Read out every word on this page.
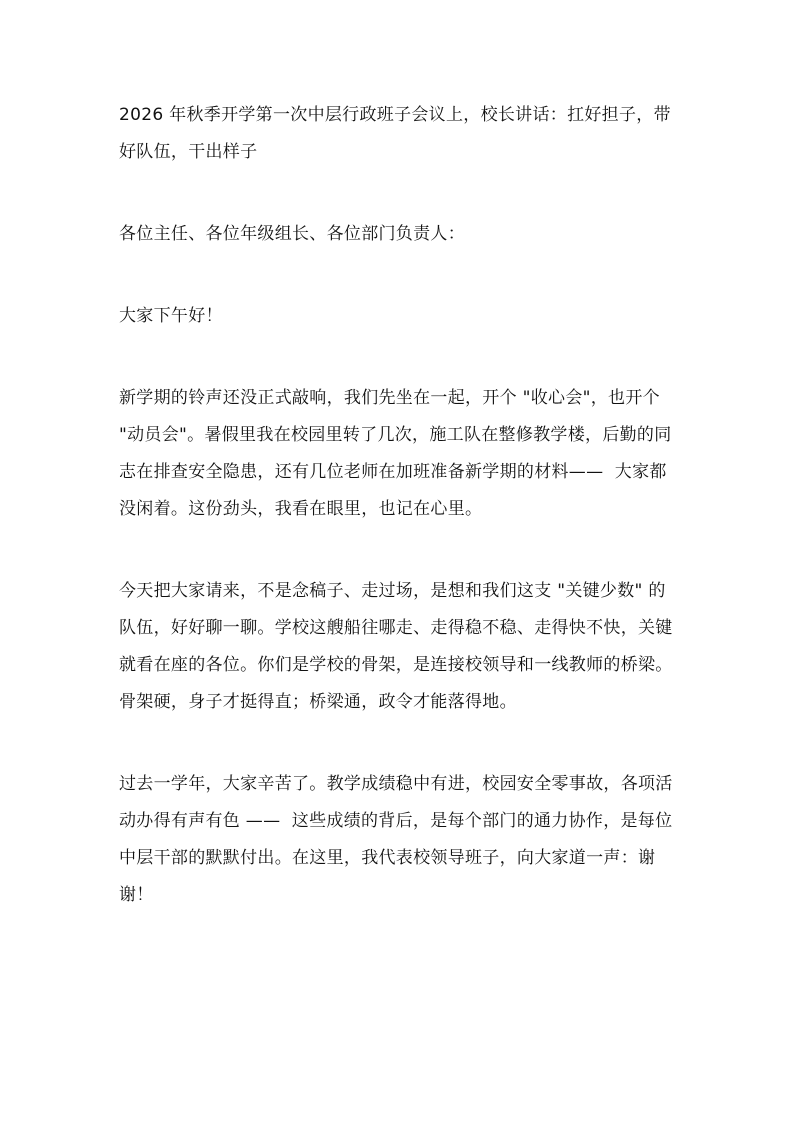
2026 年秋季开学第一次中层行政班子会议上，校长讲话：扛好担子，带好队伍，干出样子

各位主任、各位年级组长、各位部门负责人：

大家下午好！

新学期的铃声还没正式敲响，我们先坐在一起，开个 "收心会"，也开个 "动员会"。暑假里我在校园里转了几次，施工队在整修教学楼，后勤的同志在排查安全隐患，还有几位老师在加班准备新学期的材料——  大家都没闲着。这份劲头，我看在眼里，也记在心里。

今天把大家请来，不是念稿子、走过场，是想和我们这支 "关键少数" 的队伍，好好聊一聊。学校这艘船往哪走、走得稳不稳、走得快不快，关键就看在座的各位。你们是学校的骨架，是连接校领导和一线教师的桥梁。骨架硬，身子才挺得直；桥梁通，政令才能落得地。

过去一学年，大家辛苦了。教学成绩稳中有进，校园安全零事故，各项活动办得有声有色 ——  这些成绩的背后，是每个部门的通力协作，是每位中层干部的默默付出。在这里，我代表校领导班子，向大家道一声：谢谢！
